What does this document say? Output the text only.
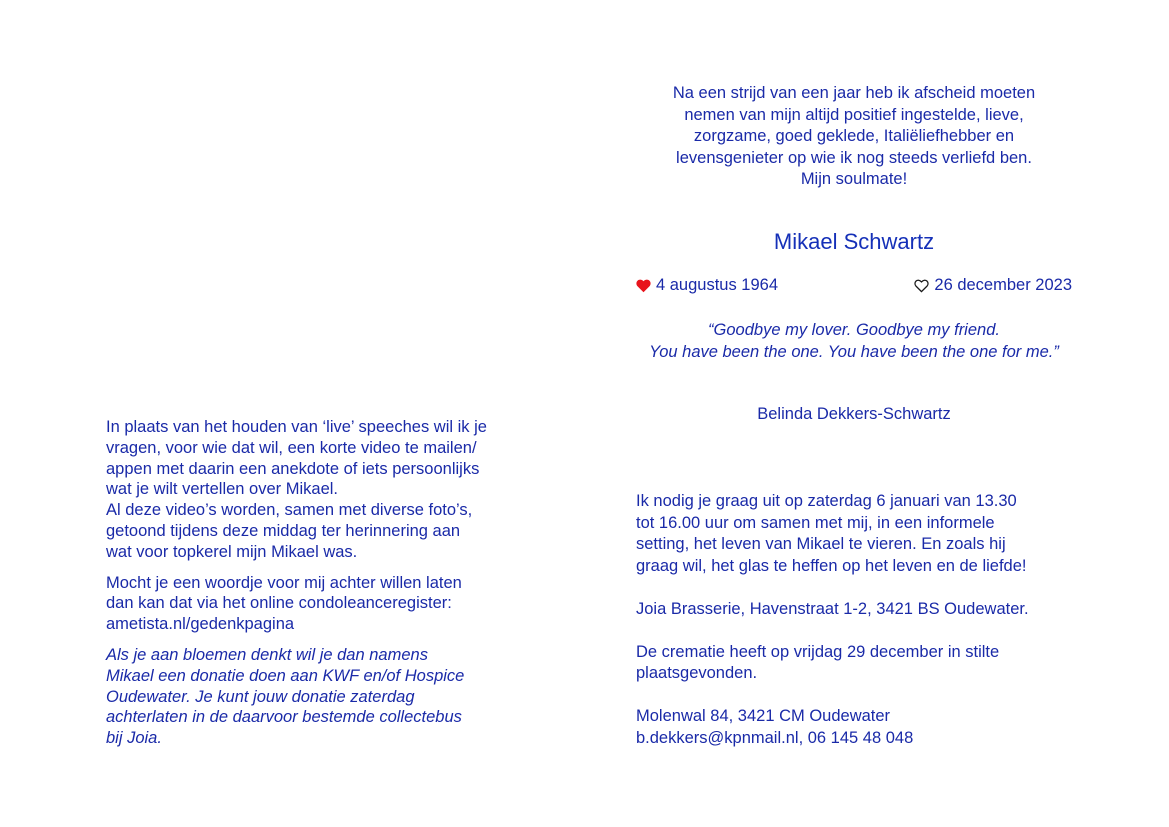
In plaats van het houden van ‘live’ speeches wil ik je
vragen, voor wie dat wil, een korte video te mailen/
appen met daarin een anekdote of iets persoonlijks
wat je wilt vertellen over Mikael.
Al deze video’s worden, samen met diverse foto’s,
getoond tijdens deze middag ter herinnering aan
wat voor topkerel mijn Mikael was.

Mocht je een woordje voor mij achter willen laten
dan kan dat via het online condoleanceregister:
ametista.nl/gedenkpagina

Als je aan bloemen denkt wil je dan namens
Mikael een donatie doen aan KWF en/of Hospice
Oudewater. Je kunt jouw donatie zaterdag
achterlaten in de daarvoor bestemde collectebus
bij Joia.

Na een strijd van een jaar heb ik afscheid moeten
nemen van mijn altijd positief ingestelde, lieve,
zorgzame, goed geklede, Italiëliefhebber en
levensgenieter op wie ik nog steeds verliefd ben.
Mijn soulmate!

Mikael Schwartz
4 augustus 1964	26 december 2023
“Goodbye my lover. Goodbye my friend.
You have been the one. You have been the one for me.”
Belinda Dekkers-Schwartz

Ik nodig je graag uit op zaterdag 6 januari van 13.30
tot 16.00 uur om samen met mij, in een informele
setting, het leven van Mikael te vieren. En zoals hij
graag wil, het glas te heffen op het leven en de liefde!

Joia Brasserie, Havenstraat 1-2, 3421 BS Oudewater.

De crematie heeft op vrijdag 29 december in stilte
plaatsgevonden.

Molenwal 84, 3421 CM Oudewater
b.dekkers@kpnmail.nl, 06 145 48 048
